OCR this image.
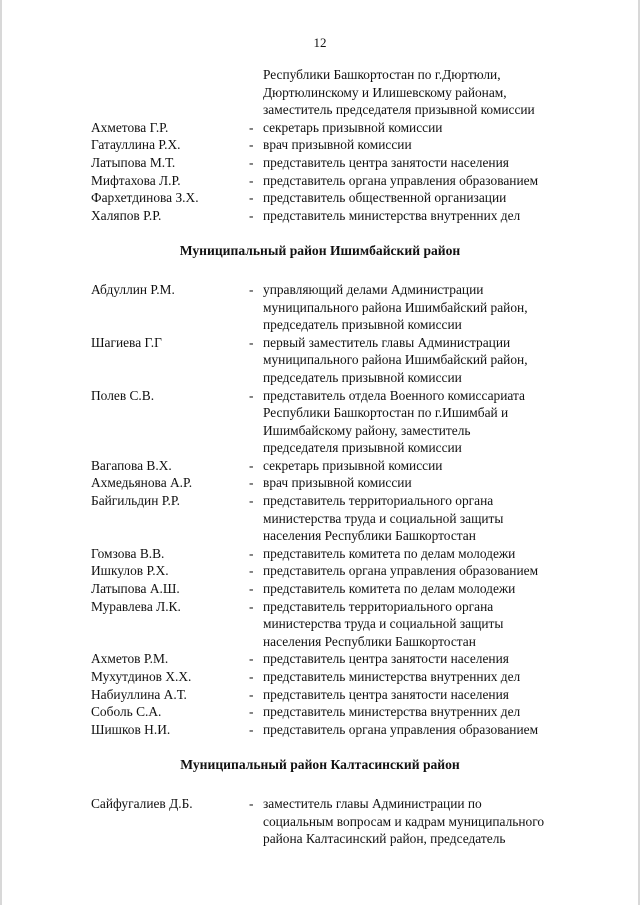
12
Республики Башкортостан по г.Дюртюли,
Дюртюлинскому и Илишевскому районам,
заместитель председателя призывной комиссии
Ахметова Г.Р.	- секретарь призывной комиссии
Гатауллина Р.Х.	- врач призывной комиссии
Латыпова М.Т.	- представитель центра занятости населения
Мифтахова Л.Р.	- представитель органа управления образованием
Фархетдинова З.Х.	- представитель общественной организации
Халяпов Р.Р.	- представитель министерства внутренних дел
Муниципальный район Ишимбайский район
Абдуллин Р.М.	- управляющий делами Администрации
муниципального района Ишимбайский район,
председатель призывной комиссии
Шагиева Г.Г	- первый заместитель главы Администрации
муниципального района Ишимбайский район,
председатель призывной комиссии
Полев С.В.	- представитель отдела Военного комиссариата
Республики Башкортостан по г.Ишимбай и
Ишимбайскому району, заместитель
председателя призывной комиссии
Вагапова В.Х.	- секретарь призывной комиссии
Ахмедьянова А.Р.	- врач призывной комиссии
Байгильдин Р.Р.	- представитель территориального органа
министерства труда и социальной защиты
населения Республики Башкортостан
Гомзова В.В.	- представитель комитета по делам молодежи
Ишкулов Р.Х.	- представитель органа управления образованием
Латыпова А.Ш.	- представитель комитета по делам молодежи
Муравлева Л.К.	- представитель территориального органа
министерства труда и социальной защиты
населения Республики Башкортостан
Ахметов Р.М.	- представитель центра занятости населения
Мухутдинов Х.Х.	- представитель министерства внутренних дел
Набиуллина А.Т.	- представитель центра занятости населения
Соболь С.А.	- представитель министерства внутренних дел
Шишков Н.И.	- представитель органа управления образованием
Муниципальный район Калтасинский район
Сайфугалиев Д.Б.	- заместитель главы Администрации по
социальным вопросам и кадрам муниципального
района Калтасинский район, председатель
